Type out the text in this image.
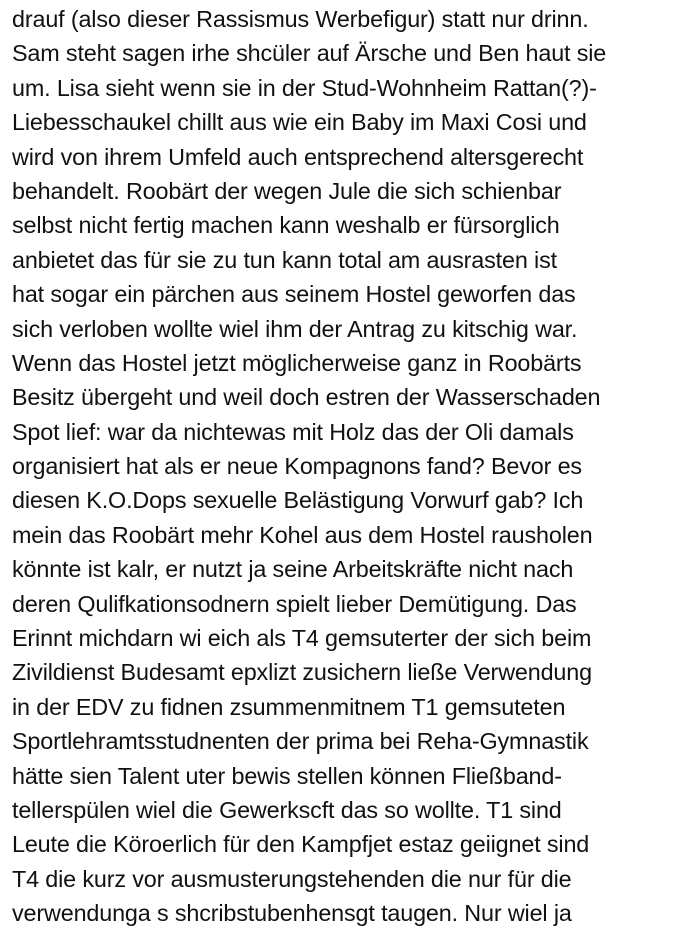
drauf (also dieser Rassismus Werbefigur) statt nur drinn.
Sam steht sagen irhe shcüler auf Ärsche und Ben haut sie
um. Lisa sieht wenn sie in der Stud-Wohnheim Rattan(?)-
Liebesschaukel chillt aus wie ein Baby im Maxi Cosi und
wird von ihrem Umfeld auch entsprechend altersgerecht
behandelt. Roobärt der wegen Jule die sich schienbar
selbst nicht fertig machen kann weshalb er fürsorglich
anbietet das für sie zu tun kann total am ausrasten ist
hat sogar ein pärchen aus seinem Hostel geworfen das
sich verloben wollte wiel ihm der Antrag zu kitschig war.
Wenn das Hostel jetzt möglicherweise ganz in Roobärts
Besitz übergeht und weil doch estren der Wasserschaden
Spot lief: war da nichtewas mit Holz das der Oli damals
organisiert hat als er neue Kompagnons fand? Bevor es
diesen K.O.Dops sexuelle Belästigung Vorwurf gab? Ich
mein das Roobärt mehr Kohel aus dem Hostel rausholen
könnte ist kalr, er nutzt ja seine Arbeitskräfte nicht nach
deren Qulifkationsodnern spielt lieber Demütigung. Das
Erinnt michdarn wi eich als T4 gemsuterter der sich beim
Zivildienst Budesamt epxlizt zusichern ließe Verwendung
in der EDV zu fidnen zsummenmitnem T1 gemsuteten
Sportlehramtsstudnenten der prima bei Reha-Gymnastik
hätte sien Talent uter bewis stellen können Fließband-
tellerspülen wiel die Gewerkscft das so wollte. T1 sind
Leute die Köroerlich für den Kampfjet estaz geiignet sind
T4 die kurz vor ausmusterungstehenden die nur für die
verwendunga s shcribstubenhensgt taugen. Nur wiel ja
